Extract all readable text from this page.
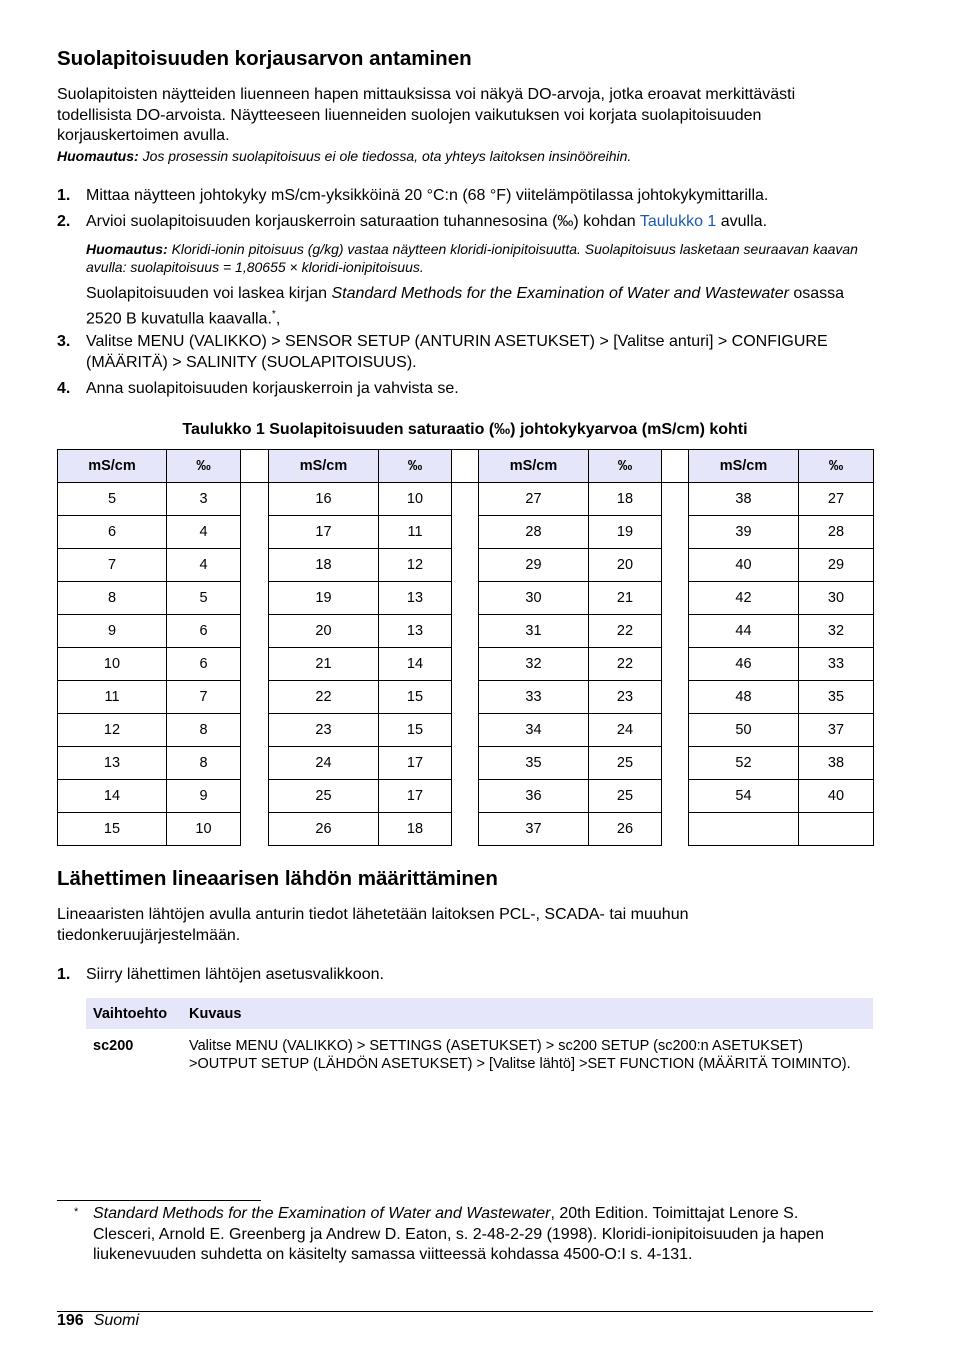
Suolapitoisuuden korjausarvon antaminen
Suolapitoisten näytteiden liuenneen hapen mittauksissa voi näkyä DO-arvoja, jotka eroavat merkittävästi todellisista DO-arvoista. Näytteeseen liuenneiden suolojen vaikutuksen voi korjata suolapitoisuuden korjauskertoimen avulla.
Huomautus: Jos prosessin suolapitoisuus ei ole tiedossa, ota yhteys laitoksen insinööreihin.
1. Mittaa näytteen johtokyky mS/cm-yksikköinä 20 °C:n (68 °F) viitelämpötilassa johtokykymittarilla.
2. Arvioi suolapitoisuuden korjauskerroin saturaation tuhannesosina (‰) kohdan Taulukko 1 avulla.
Huomautus: Kloridi-ionin pitoisuus (g/kg) vastaa näytteen kloridi-ionipitoisuutta. Suolapitoisuus lasketaan seuraavan kaavan avulla: suolapitoisuus = 1,80655 × kloridi-ionipitoisuus.
Suolapitoisuuden voi laskea kirjan Standard Methods for the Examination of Water and Wastewater osassa 2520 B kuvatulla kaavalla.*,
3. Valitse MENU (VALIKKO) > SENSOR SETUP (ANTURIN ASETUKSET) > [Valitse anturi] > CONFIGURE (MÄÄRITÄ) > SALINITY (SUOLAPITOISUUS).
4. Anna suolapitoisuuden korjauskerroin ja vahvista se.
Taulukko 1 Suolapitoisuuden saturaatio (‰) johtokykyarvoa (mS/cm) kohti
mS/cm	‰		mS/cm	‰		mS/cm	‰		mS/cm	‰
5	3		16	10		27	18		38	27
6	4		17	11		28	19		39	28
7	4		18	12		29	20		40	29
8	5		19	13		30	21		42	30
9	6		20	13		31	22		44	32
10	6		21	14		32	22		46	33
11	7		22	15		33	23		48	35
12	8		23	15		34	24		50	37
13	8		24	17		35	25		52	38
14	9		25	17		36	25		54	40
15	10		26	18		37	26			
Lähettimen lineaarisen lähdön määrittäminen
Lineaaristen lähtöjen avulla anturin tiedot lähetetään laitoksen PCL-, SCADA- tai muuhun tiedonkeruujärjestelmään.
1. Siirry lähettimen lähtöjen asetusvalikkoon.
Vaihtoehto	Kuvaus
sc200	Valitse MENU (VALIKKO) > SETTINGS (ASETUKSET) > sc200 SETUP (sc200:n ASETUKSET) >OUTPUT SETUP (LÄHDÖN ASETUKSET) > [Valitse lähtö] >SET FUNCTION (MÄÄRITÄ TOIMINTO).
* Standard Methods for the Examination of Water and Wastewater, 20th Edition. Toimittajat Lenore S. Clesceri, Arnold E. Greenberg ja Andrew D. Eaton, s. 2-48-2-29 (1998). Kloridi-ionipitoisuuden ja hapen liukenevuuden suhdetta on käsitelty samassa viitteessä kohdassa 4500-O:I s. 4-131.
196 Suomi
